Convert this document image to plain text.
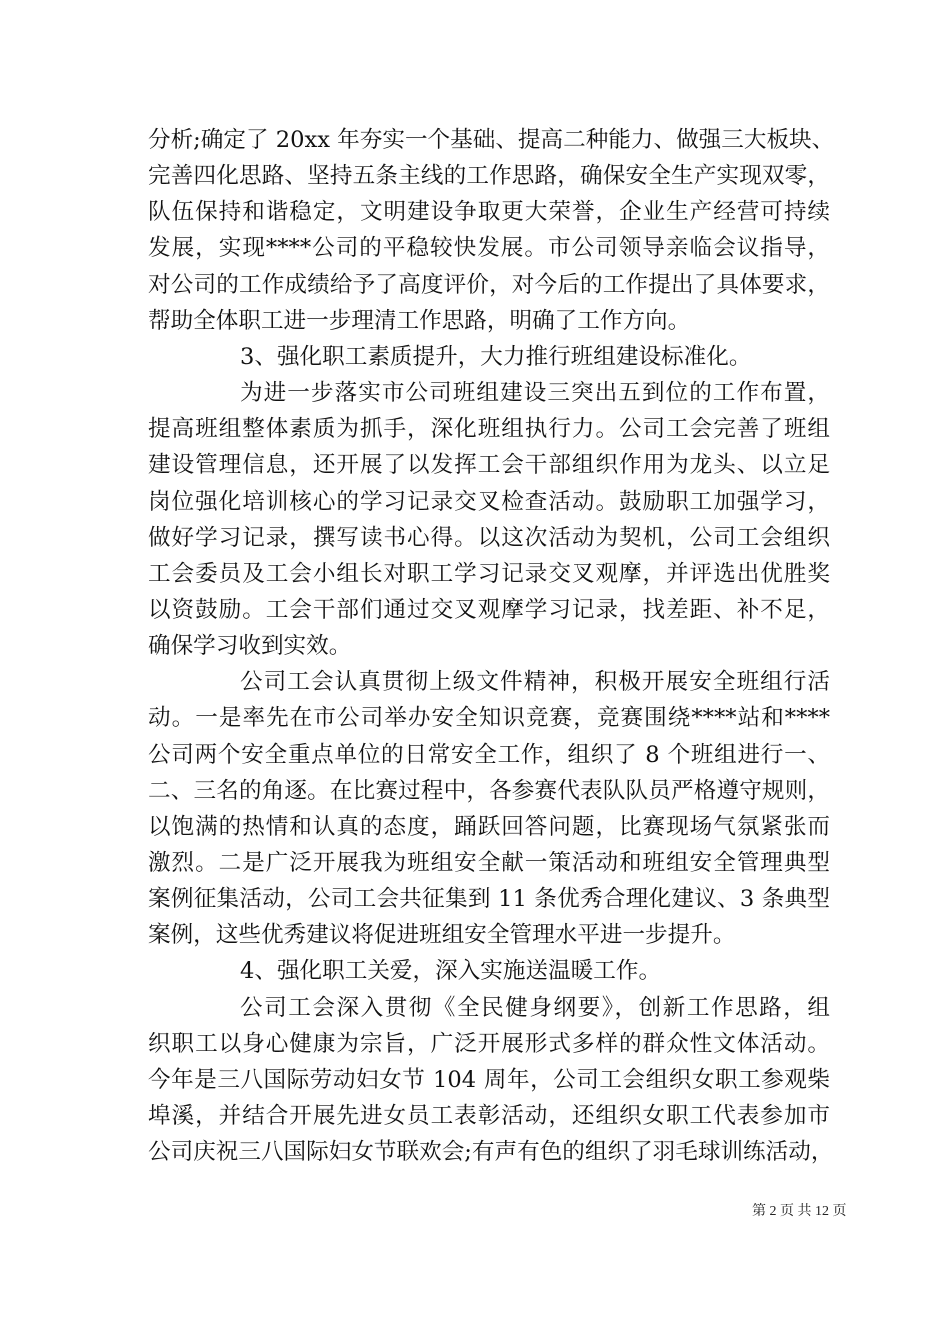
分析;确定了 20xx 年夯实一个基础、提高二种能力、做强三大板块、
完善四化思路、坚持五条主线的工作思路，确保安全生产实现双零，
队伍保持和谐稳定，文明建设争取更大荣誉，企业生产经营可持续
发展，实现****公司的平稳较快发展。市公司领导亲临会议指导，
对公司的工作成绩给予了高度评价，对今后的工作提出了具体要求，
帮助全体职工进一步理清工作思路，明确了工作方向。
3、强化职工素质提升，大力推行班组建设标准化。
为进一步落实市公司班组建设三突出五到位的工作布置，
提高班组整体素质为抓手，深化班组执行力。公司工会完善了班组
建设管理信息，还开展了以发挥工会干部组织作用为龙头、以立足
岗位强化培训核心的学习记录交叉检查活动。鼓励职工加强学习，
做好学习记录，撰写读书心得。以这次活动为契机，公司工会组织
工会委员及工会小组长对职工学习记录交叉观摩，并评选出优胜奖
以资鼓励。工会干部们通过交叉观摩学习记录，找差距、补不足，
确保学习收到实效。
公司工会认真贯彻上级文件精神，积极开展安全班组行活
动。一是率先在市公司举办安全知识竞赛，竞赛围绕****站和****
公司两个安全重点单位的日常安全工作，组织了 8 个班组进行一、
二、三名的角逐。在比赛过程中，各参赛代表队队员严格遵守规则，
以饱满的热情和认真的态度，踊跃回答问题，比赛现场气氛紧张而
激烈。二是广泛开展我为班组安全献一策活动和班组安全管理典型
案例征集活动，公司工会共征集到 11 条优秀合理化建议、3 条典型
案例，这些优秀建议将促进班组安全管理水平进一步提升。
4、强化职工关爱，深入实施送温暖工作。
公司工会深入贯彻《全民健身纲要》，创新工作思路，组
织职工以身心健康为宗旨，广泛开展形式多样的群众性文体活动。
今年是三八国际劳动妇女节 104 周年，公司工会组织女职工参观柴
埠溪，并结合开展先进女员工表彰活动，还组织女职工代表参加市
公司庆祝三八国际妇女节联欢会;有声有色的组织了羽毛球训练活动，
第 2 页 共 12 页
